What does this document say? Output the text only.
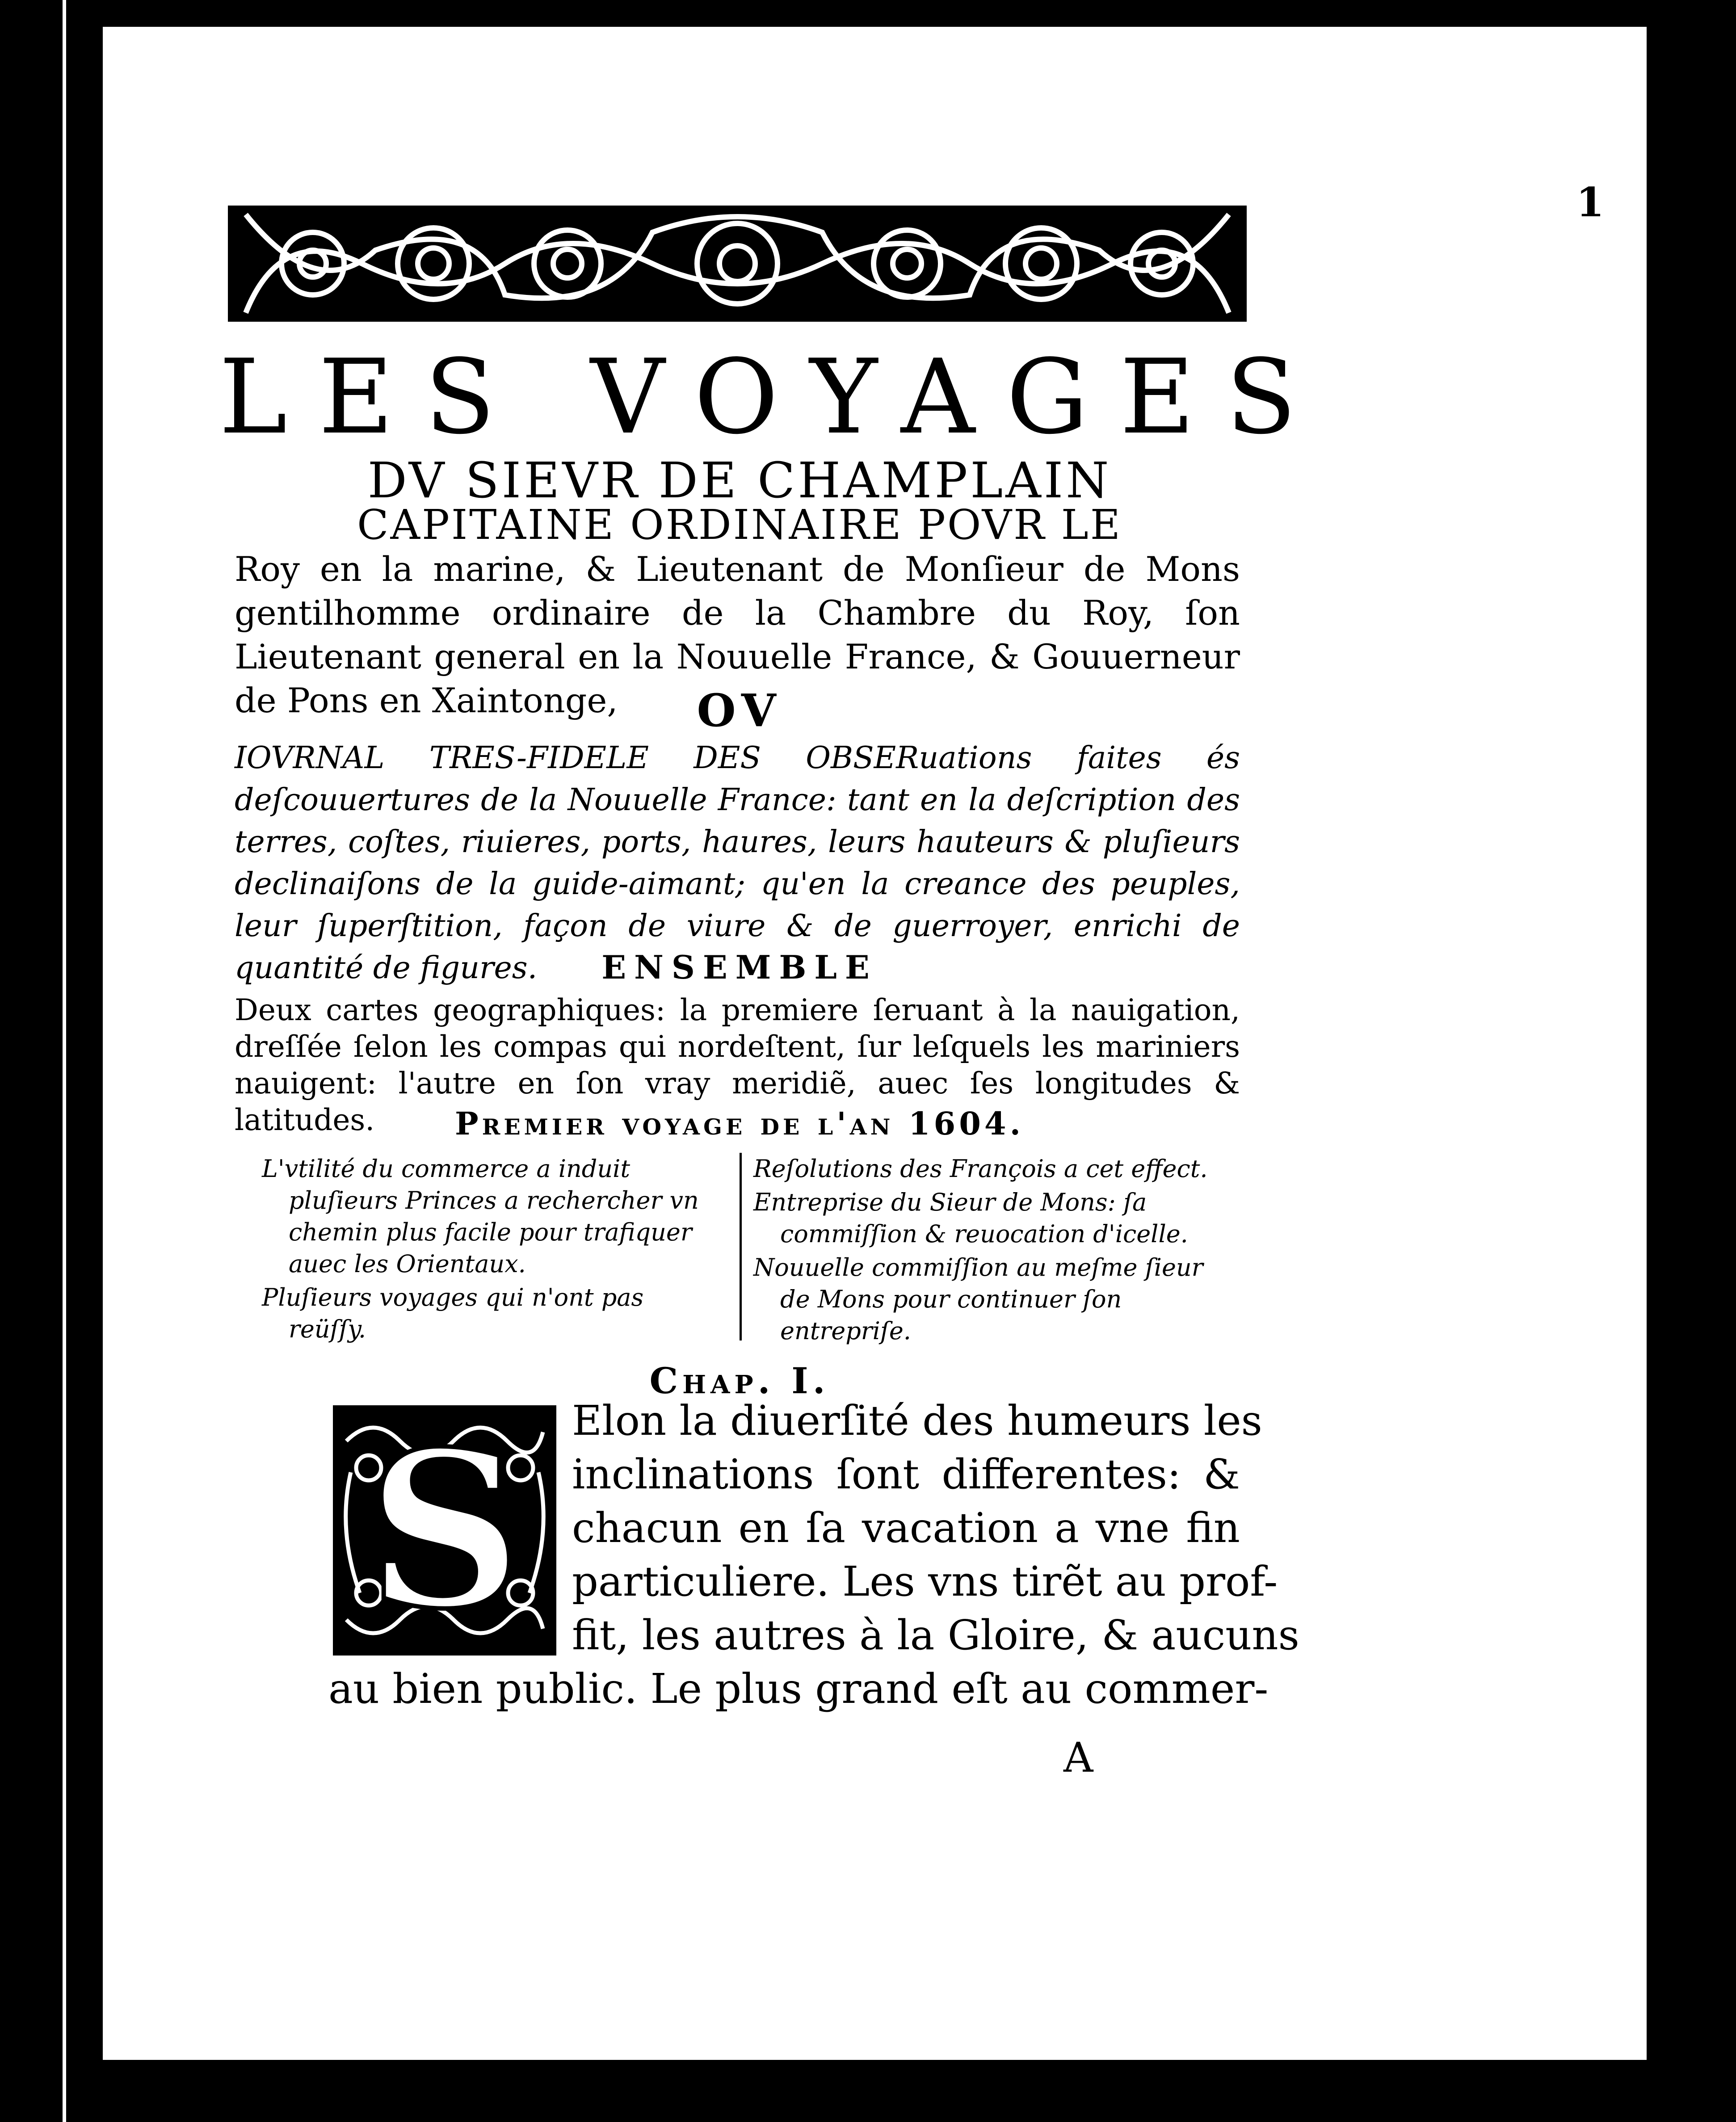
1
LES VOYAGES
DV SIEVR DE CHAMPLAIN
CAPITAINE ORDINAIRE POVR LE
Roy en la marine, & Lieutenant de Monſieur de Mons gentilhomme ordinaire de la Chambre du Roy, ſon Lieutenant general en la Nouuelle France, & Gouuerneur de Pons en Xaintonge,	OV
IOVRNAL TRES-FIDELE DES OBSERuations faites és deſcouuertures de la Nouuelle France: tant en la deſcription des terres, coſtes, riuieres, ports, haures, leurs hauteurs & pluſieurs declinaiſons de la guide-aimant; qu'en la creance des peuples, leur ſuperſtition, façon de viure & de guerroyer, enrichi de quantité de figures.	ENSEMBLE
Deux cartes geographiques: la premiere ſeruant à la nauigation, dreſſée ſelon les compas qui nordeſtent, ſur leſquels les mariniers nauigent: l'autre en ſon vray meridiẽ, auec ſes longitudes & latitudes.	Premier voyage de l'an 1604.

L'vtilité du commerce a induit pluſieurs Princes a rechercher vn chemin plus facile pour trafiquer auec les Orientaux.

Pluſieurs voyages qui n'ont pas reüſſy.

Reſolutions des François a cet effect.

Entreprise du Sieur de Mons: ſa commiſſion & reuocation d'icelle.

Nouuelle commiſſion au meſme ſieur de Mons pour continuer ſon entrepriſe.

Chap. I.
S	Elon la diuerſité des humeurs les
inclinations ſont differentes: &
chacun en ſa vacation a vne fin
particuliere. Les vns tirẽt au prof-
fit, les autres à la Gloire, & aucuns
au bien public. Le plus grand eſt au commer-
A
